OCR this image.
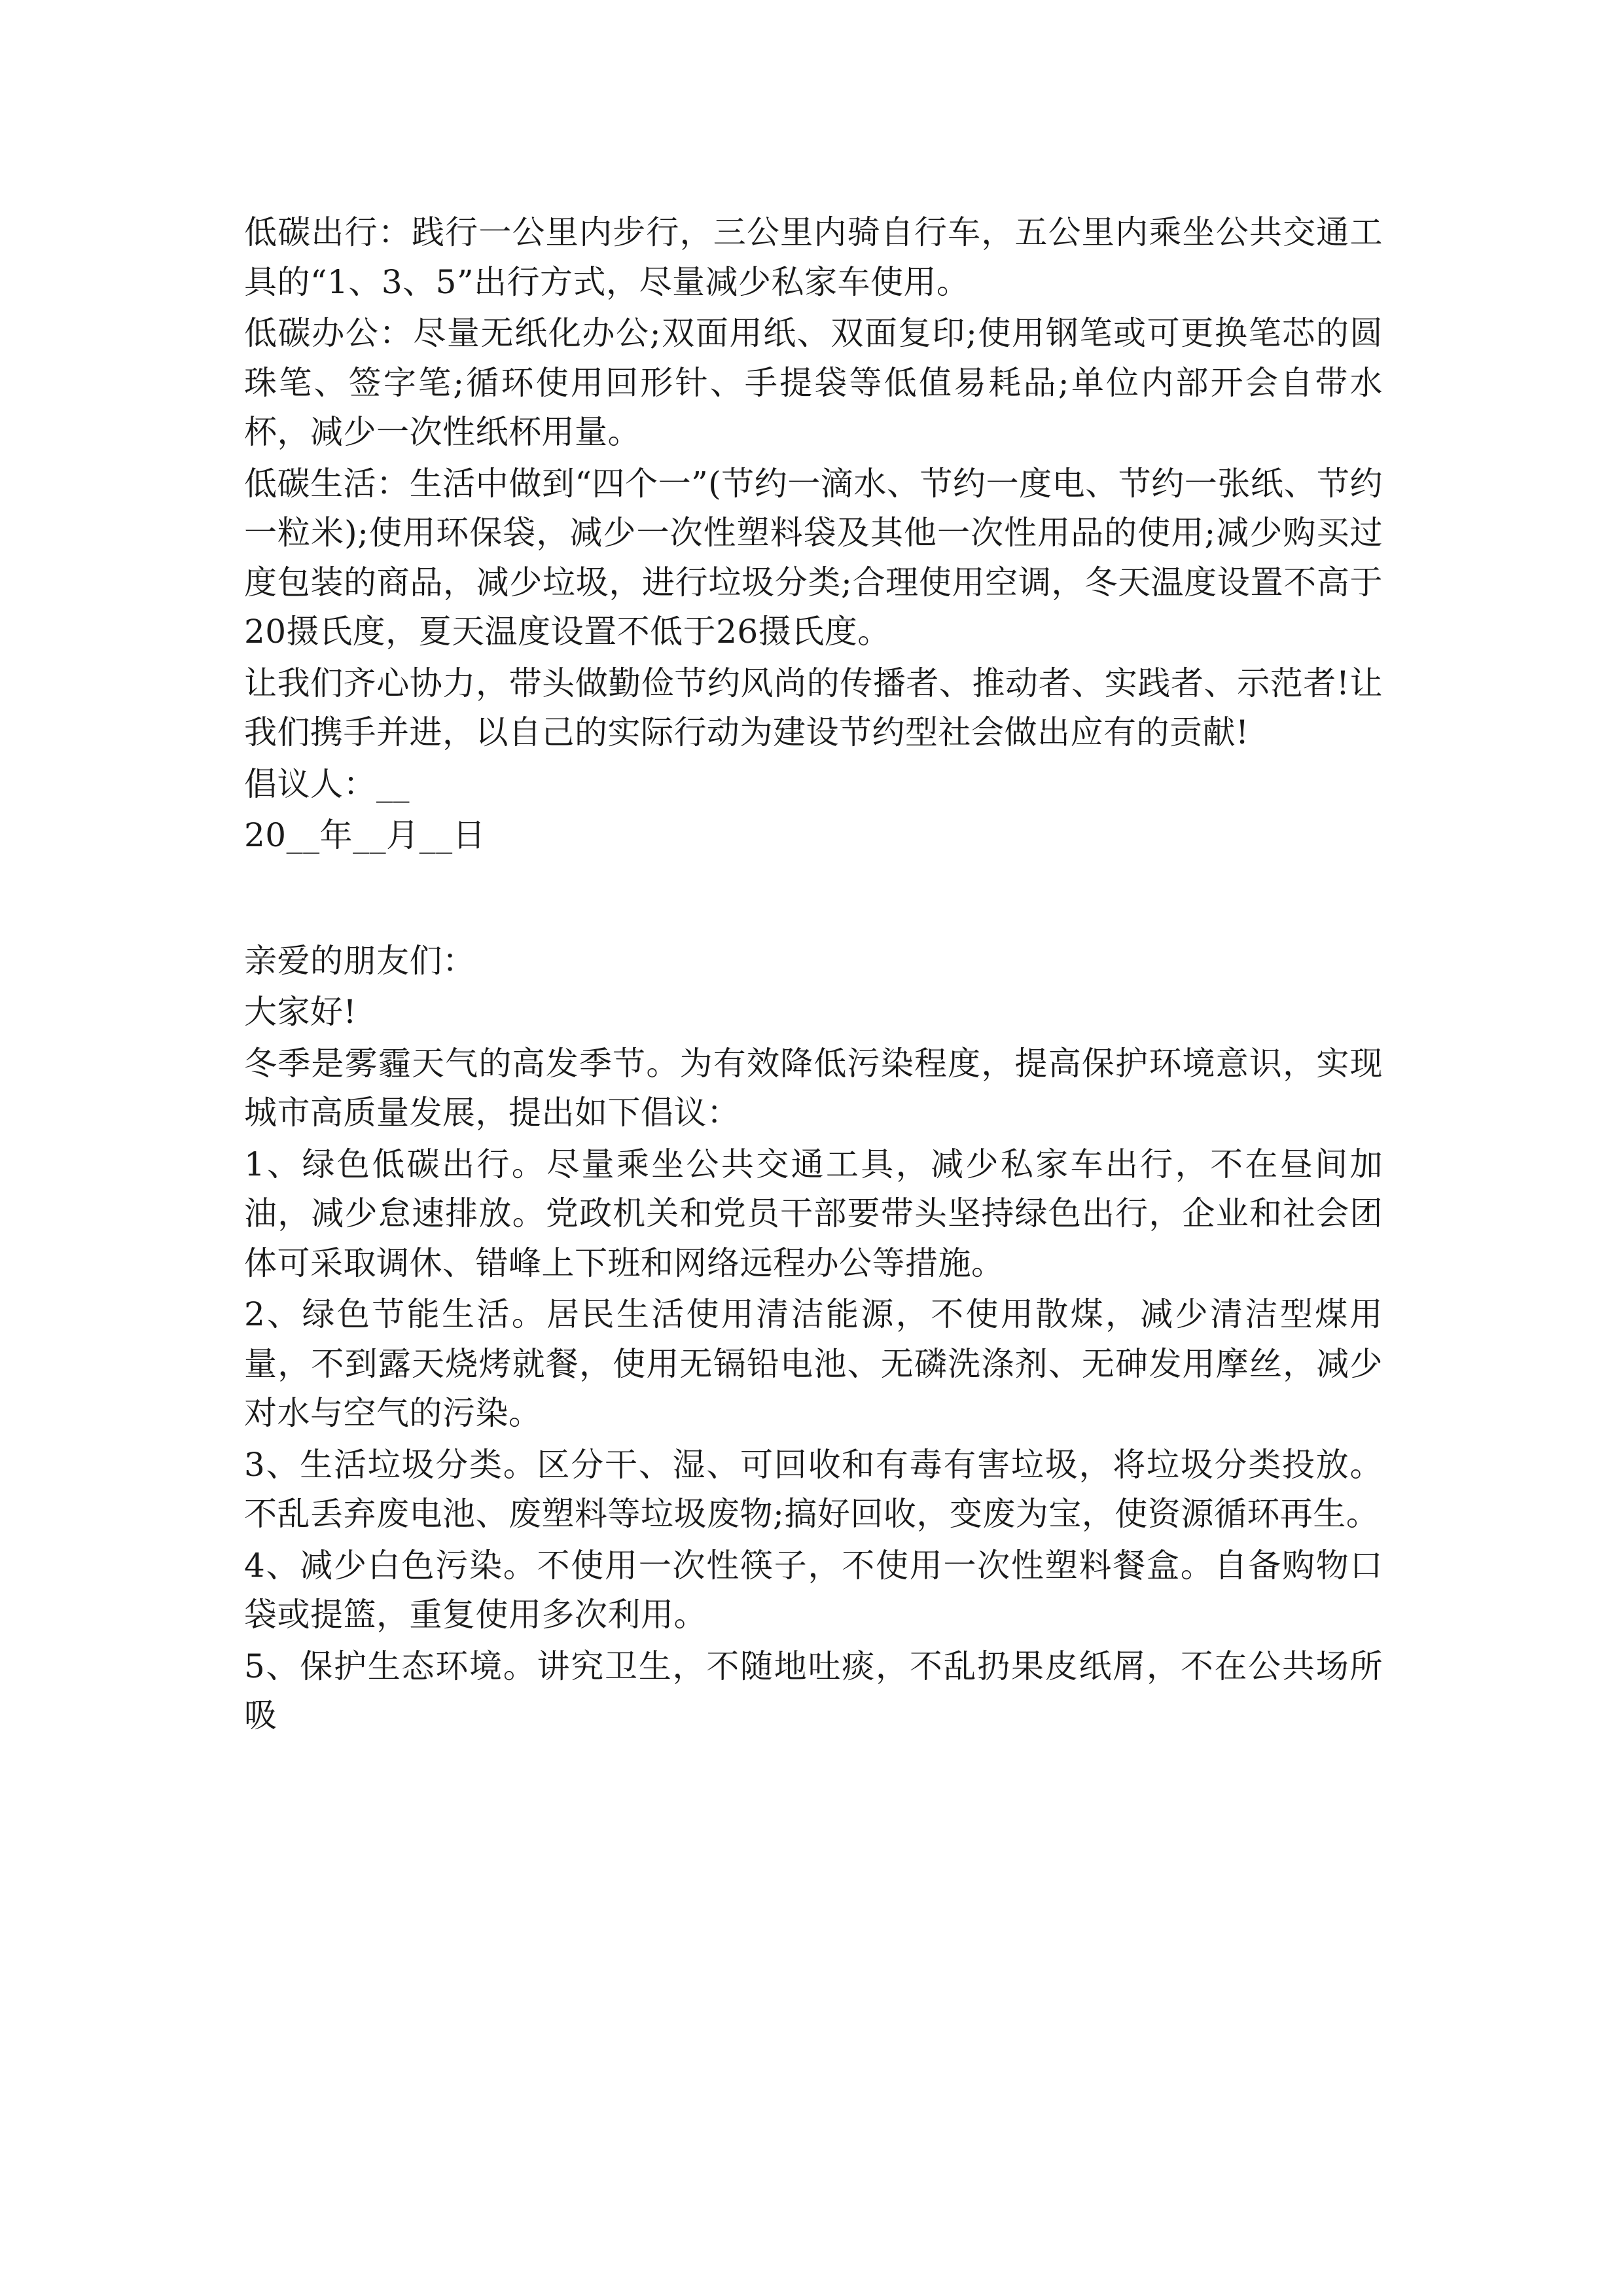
低碳出行：践行一公里内步行，三公里内骑自行车，五公里内乘坐公共交通工具的“1、3、5”出行方式，尽量减少私家车使用。

低碳办公：尽量无纸化办公;双面用纸、双面复印;使用钢笔或可更换笔芯的圆珠笔、签字笔;循环使用回形针、手提袋等低值易耗品;单位内部开会自带水杯，减少一次性纸杯用量。

低碳生活：生活中做到“四个一”(节约一滴水、节约一度电、节约一张纸、节约一粒米);使用环保袋，减少一次性塑料袋及其他一次性用品的使用;减少购买过度包装的商品，减少垃圾，进行垃圾分类;合理使用空调，冬天温度设置不高于20摄氏度，夏天温度设置不低于26摄氏度。

让我们齐心协力，带头做勤俭节约风尚的传播者、推动者、实践者、示范者!让我们携手并进，以自己的实际行动为建设节约型社会做出应有的贡献!

倡议人：__

20__年__月__日

亲爱的朋友们：

大家好!

冬季是雾霾天气的高发季节。为有效降低污染程度，提高保护环境意识，实现城市高质量发展，提出如下倡议：

1、绿色低碳出行。尽量乘坐公共交通工具，减少私家车出行，不在昼间加油，减少怠速排放。党政机关和党员干部要带头坚持绿色出行，企业和社会团体可采取调休、错峰上下班和网络远程办公等措施。

2、绿色节能生活。居民生活使用清洁能源，不使用散煤，减少清洁型煤用量，不到露天烧烤就餐，使用无镉铅电池、无磷洗涤剂、无砷发用摩丝，减少对水与空气的污染。

3、生活垃圾分类。区分干、湿、可回收和有毒有害垃圾，将垃圾分类投放。不乱丢弃废电池、废塑料等垃圾废物;搞好回收，变废为宝，使资源循环再生。

4、减少白色污染。不使用一次性筷子，不使用一次性塑料餐盒。自备购物口袋或提篮，重复使用多次利用。

5、保护生态环境。讲究卫生，不随地吐痰，不乱扔果皮纸屑，不在公共场所吸
